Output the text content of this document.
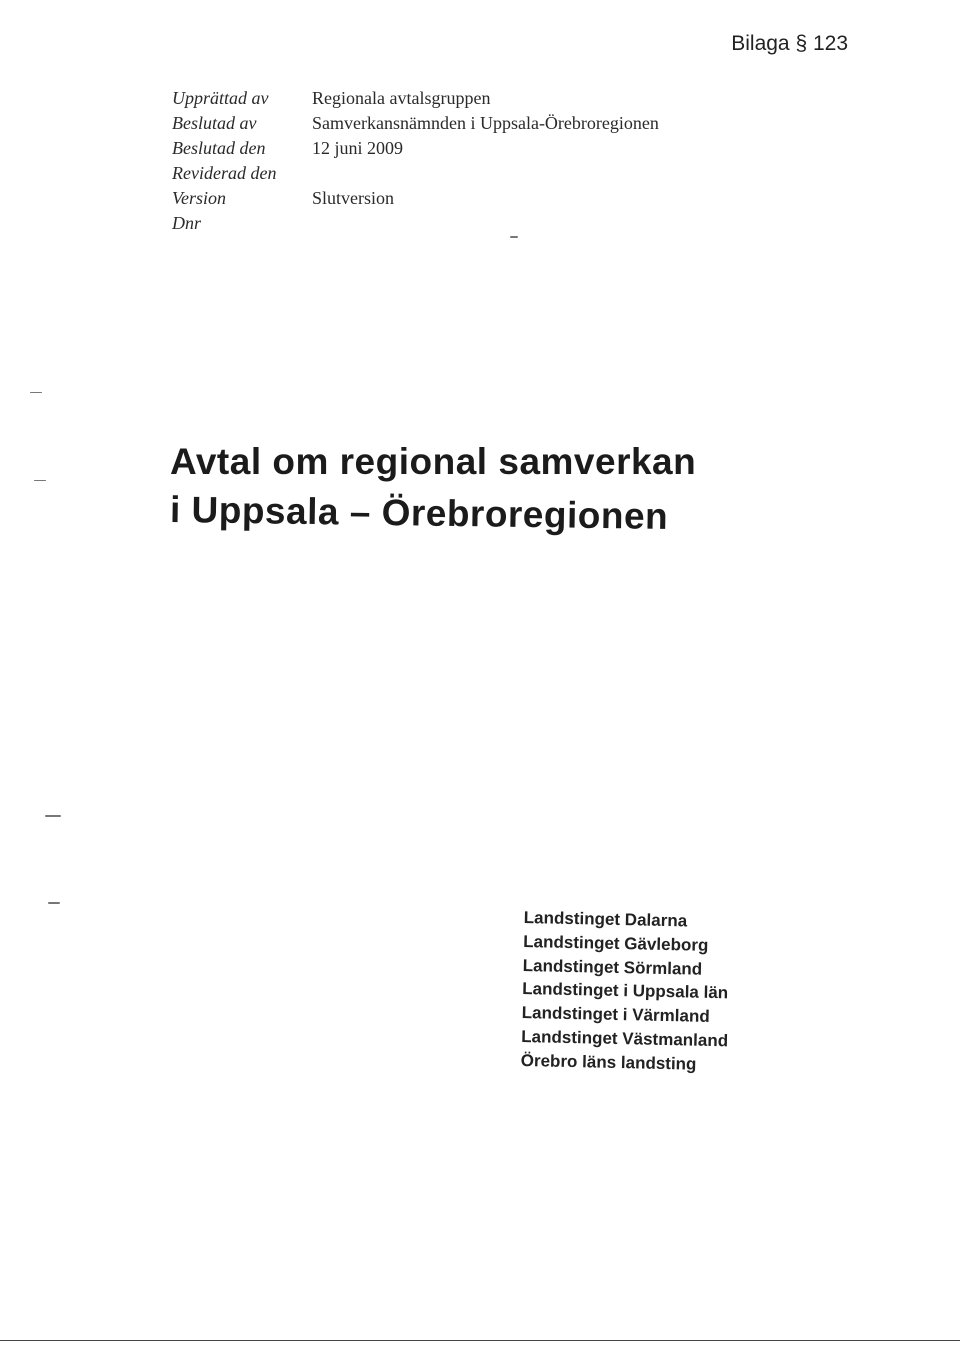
Bilaga § 123
Upprättad av	Regionala avtalsgruppen
Beslutad av	Samverkansnämnden i Uppsala-Örebroregionen
Beslutad den	12 juni 2009
Reviderad den
Version	Slutversion
Dnr
Avtal om regional samverkan
i Uppsala – Örebroregionen
Landstinget Dalarna
Landstinget Gävleborg
Landstinget Sörmland
Landstinget i Uppsala län
Landstinget i Värmland
Landstinget Västmanland
Örebro läns landsting
